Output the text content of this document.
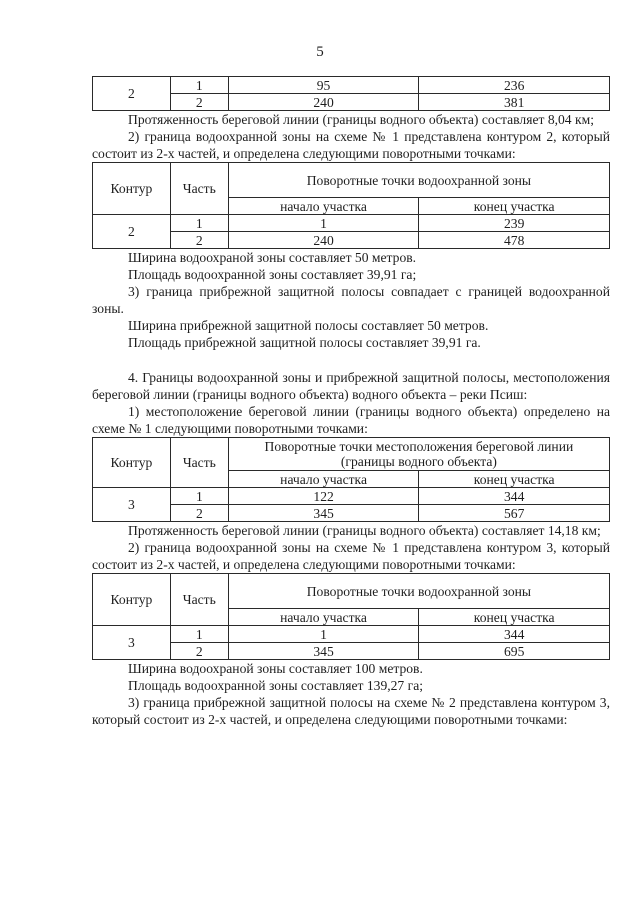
5
2	1	95	236
	2	240	381

Протяженность береговой линии (границы водного объекта) составляет 8,04 км;

2) граница водоохранной зоны на схеме № 1 представлена контуром 2, который состоит из 2-х частей, и определена следующими поворотными точками:

Контур	Часть	Поворотные точки водоохранной зоны	
		начало участка	конец участка
2	1	1	239
	2	240	478

Ширина водоохраной зоны составляет 50 метров.

Площадь водоохранной зоны составляет 39,91 га;

3) граница прибрежной защитной полосы совпадает с границей водоохранной зоны.

Ширина прибрежной защитной полосы составляет 50 метров.

Площадь прибрежной защитной полосы составляет 39,91 га.

4. Границы водоохранной зоны и прибрежной защитной полосы, местоположения береговой линии (границы водного объекта) водного объекта – реки Псиш:

1) местоположение береговой линии (границы водного объекта) определено на схеме № 1 следующими поворотными точками:

Контур	Часть	Поворотные точки местоположения береговой линии (границы водного объекта)	
		начало участка	конец участка
3	1	122	344
	2	345	567

Протяженность береговой линии (границы водного объекта) составляет 14,18 км;

2) граница водоохранной зоны на схеме № 1 представлена контуром 3, который состоит из 2-х частей, и определена следующими поворотными точками:

Контур	Часть	Поворотные точки водоохранной зоны	
		начало участка	конец участка
3	1	1	344
	2	345	695

Ширина водоохраной зоны составляет 100 метров.

Площадь водоохранной зоны составляет 139,27 га;

3) граница прибрежной защитной полосы на схеме № 2 представлена контуром 3, который состоит из 2-х частей, и определена следующими поворотными точками:
